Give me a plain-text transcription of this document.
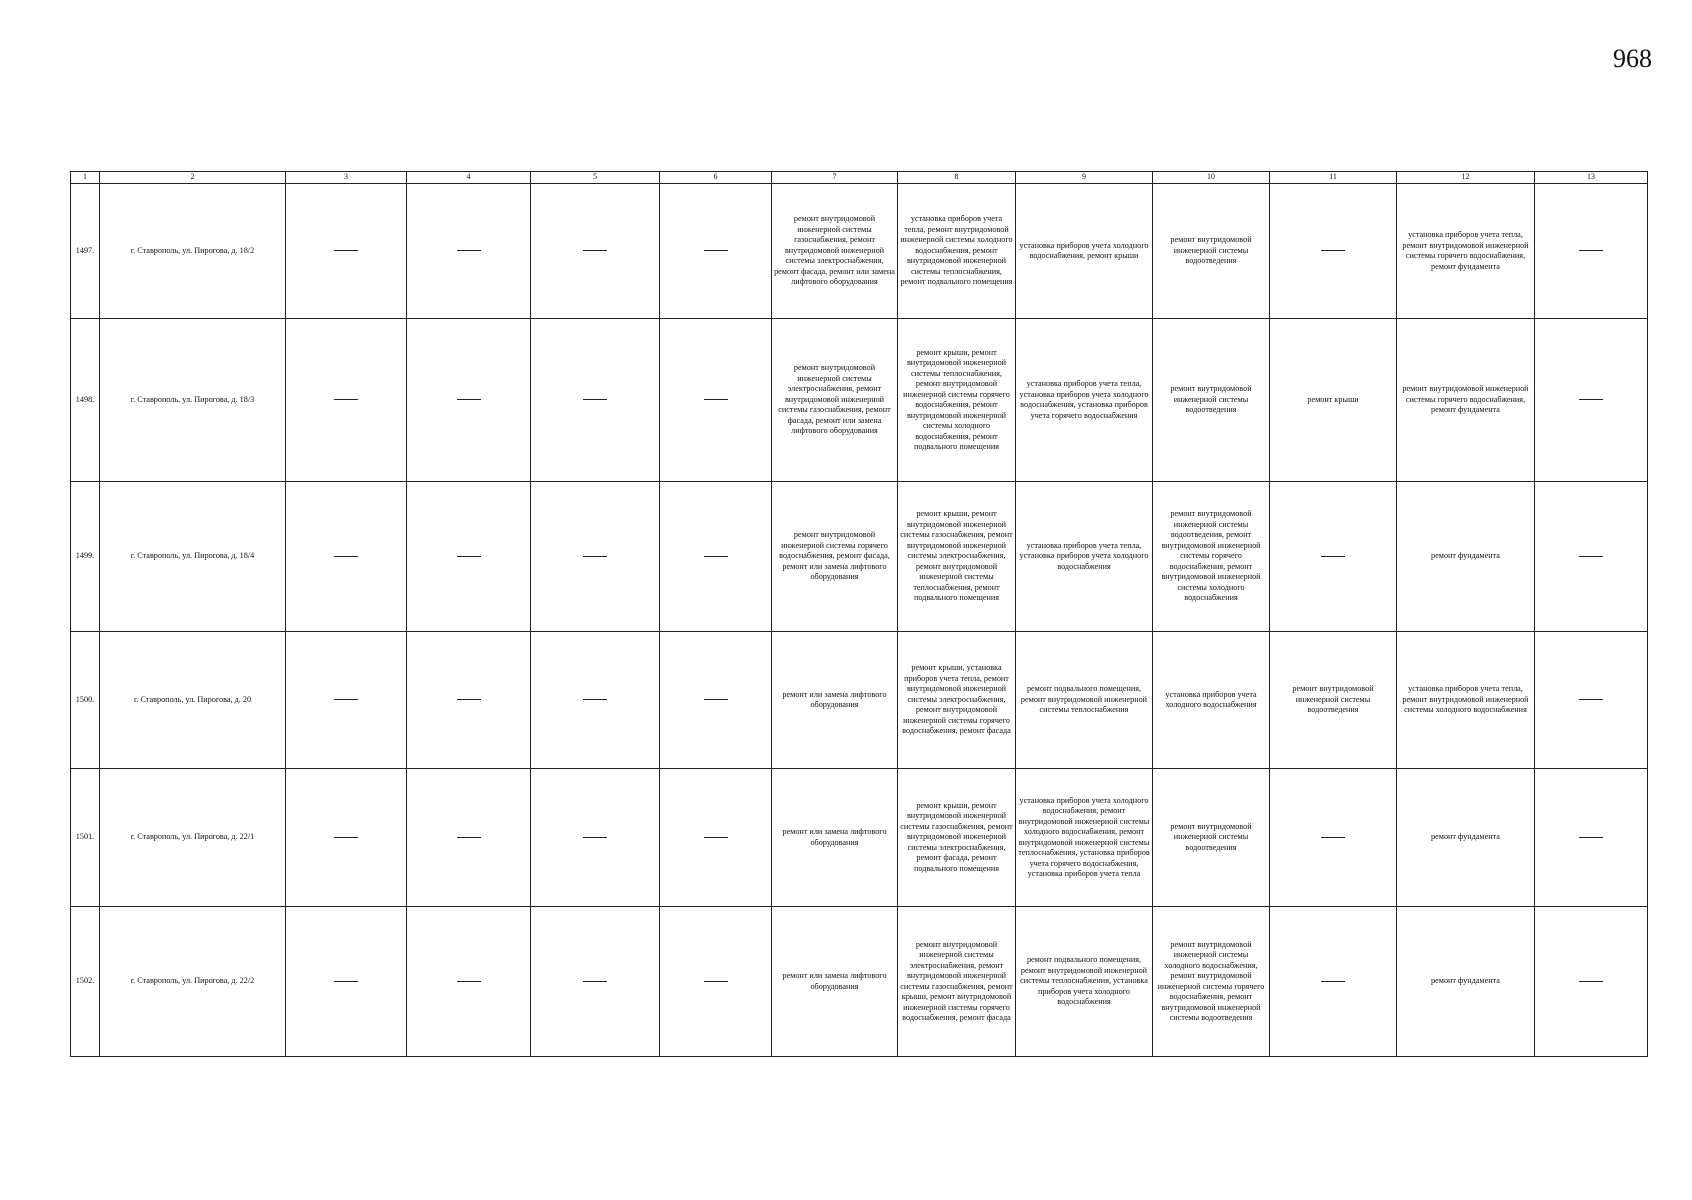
968
1	2	3	4	5	6	7	8	9	10	11	12	13

1497.	г. Ставрополь, ул. Пирогова, д. 18/2					ремонт внутридомовой инженерной системы газоснабжения, ремонт внутридомовой инженерной системы электроснабжения, ремонт фасада, ремонт или замена лифтового оборудования	установка приборов учета тепла, ремонт внутридомовой инженерной системы холодного водоснабжения, ремонт внутридомовой инженерной системы теплоснабжения, ремонт подвального помещения	установка приборов учета холодного водоснабжения, ремонт крыши	ремонт внутридомовой инженерной системы водоотведения		установка приборов учета тепла, ремонт внутридомовой инженерной системы горячего водоснабжения, ремонт фундамента	

1498.	г. Ставрополь, ул. Пирогова, д. 18/3					ремонт внутридомовой инженерной системы электроснабжения, ремонт внутридомовой инженерной системы газоснабжения, ремонт фасада, ремонт или замена лифтового оборудования	ремонт крыши, ремонт внутридомовой инженерной системы теплоснабжения, ремонт внутридомовой инженерной системы горячего водоснабжения, ремонт внутридомовой инженерной системы холодного водоснабжения, ремонт подвального помещения	установка приборов учета тепла, установка приборов учета холодного водоснабжения, установка приборов учета горячего водоснабжения	ремонт внутридомовой инженерной системы водоотведения	ремонт крыши	ремонт внутридомовой инженерной системы горячего водоснабжения, ремонт фундамента	

1499.	г. Ставрополь, ул. Пирогова, д. 18/4					ремонт внутридомовой инженерной системы горячего водоснабжения, ремонт фасада, ремонт или замена лифтового оборудования	ремонт крыши, ремонт внутридомовой инженерной системы газоснабжения, ремонт внутридомовой инженерной системы электроснабжения, ремонт внутридомовой инженерной системы теплоснабжения, ремонт подвального помещения	установка приборов учета тепла, установка приборов учета холодного водоснабжения	ремонт внутридомовой инженерной системы водоотведения, ремонт внутридомовой инженерной системы горячего водоснабжения, ремонт внутридомовой инженерной системы холодного водоснабжения		ремонт фундамента	

1500.	г. Ставрополь, ул. Пирогова, д. 20					ремонт или замена лифтового оборудования	ремонт крыши, установка приборов учета тепла, ремонт внутридомовой инженерной системы электроснабжения, ремонт внутридомовой инженерной системы горячего водоснабжения, ремонт фасада	ремонт подвального помещения, ремонт внутридомовой инженерной системы теплоснабжения	установка приборов учета холодного водоснабжения	ремонт внутридомовой инженерной системы водоотведения	установка приборов учета тепла, ремонт внутридомовой инженерной системы холодного водоснабжения	

1501.	г. Ставрополь, ул. Пирогова, д. 22/1					ремонт или замена лифтового оборудования	ремонт крыши, ремонт внутридомовой инженерной системы газоснабжения, ремонт внутридомовой инженерной системы электроснабжения, ремонт фасада, ремонт подвального помещения	установка приборов учета холодного водоснабжения, ремонт внутридомовой инженерной системы холодного водоснабжения, ремонт внутридомовой инженерной системы теплоснабжения, установка приборов учета горячего водоснабжения, установка приборов учета тепла	ремонт внутридомовой инженерной системы водоотведения		ремонт фундамента	

1502.	г. Ставрополь, ул. Пирогова, д. 22/2					ремонт или замена лифтового оборудования	ремонт внутридомовой инженерной системы электроснабжения, ремонт внутридомовой инженерной системы газоснабжения, ремонт крыши, ремонт внутридомовой инженерной системы горячего водоснабжения, ремонт фасада	ремонт подвального помещения, ремонт внутридомовой инженерной системы теплоснабжения, установка приборов учета холодного водоснабжения	ремонт внутридомовой инженерной системы холодного водоснабжения, ремонт внутридомовой инженерной системы горячего водоснабжения, ремонт внутридомовой инженерной системы водоотведения		ремонт фундамента	
